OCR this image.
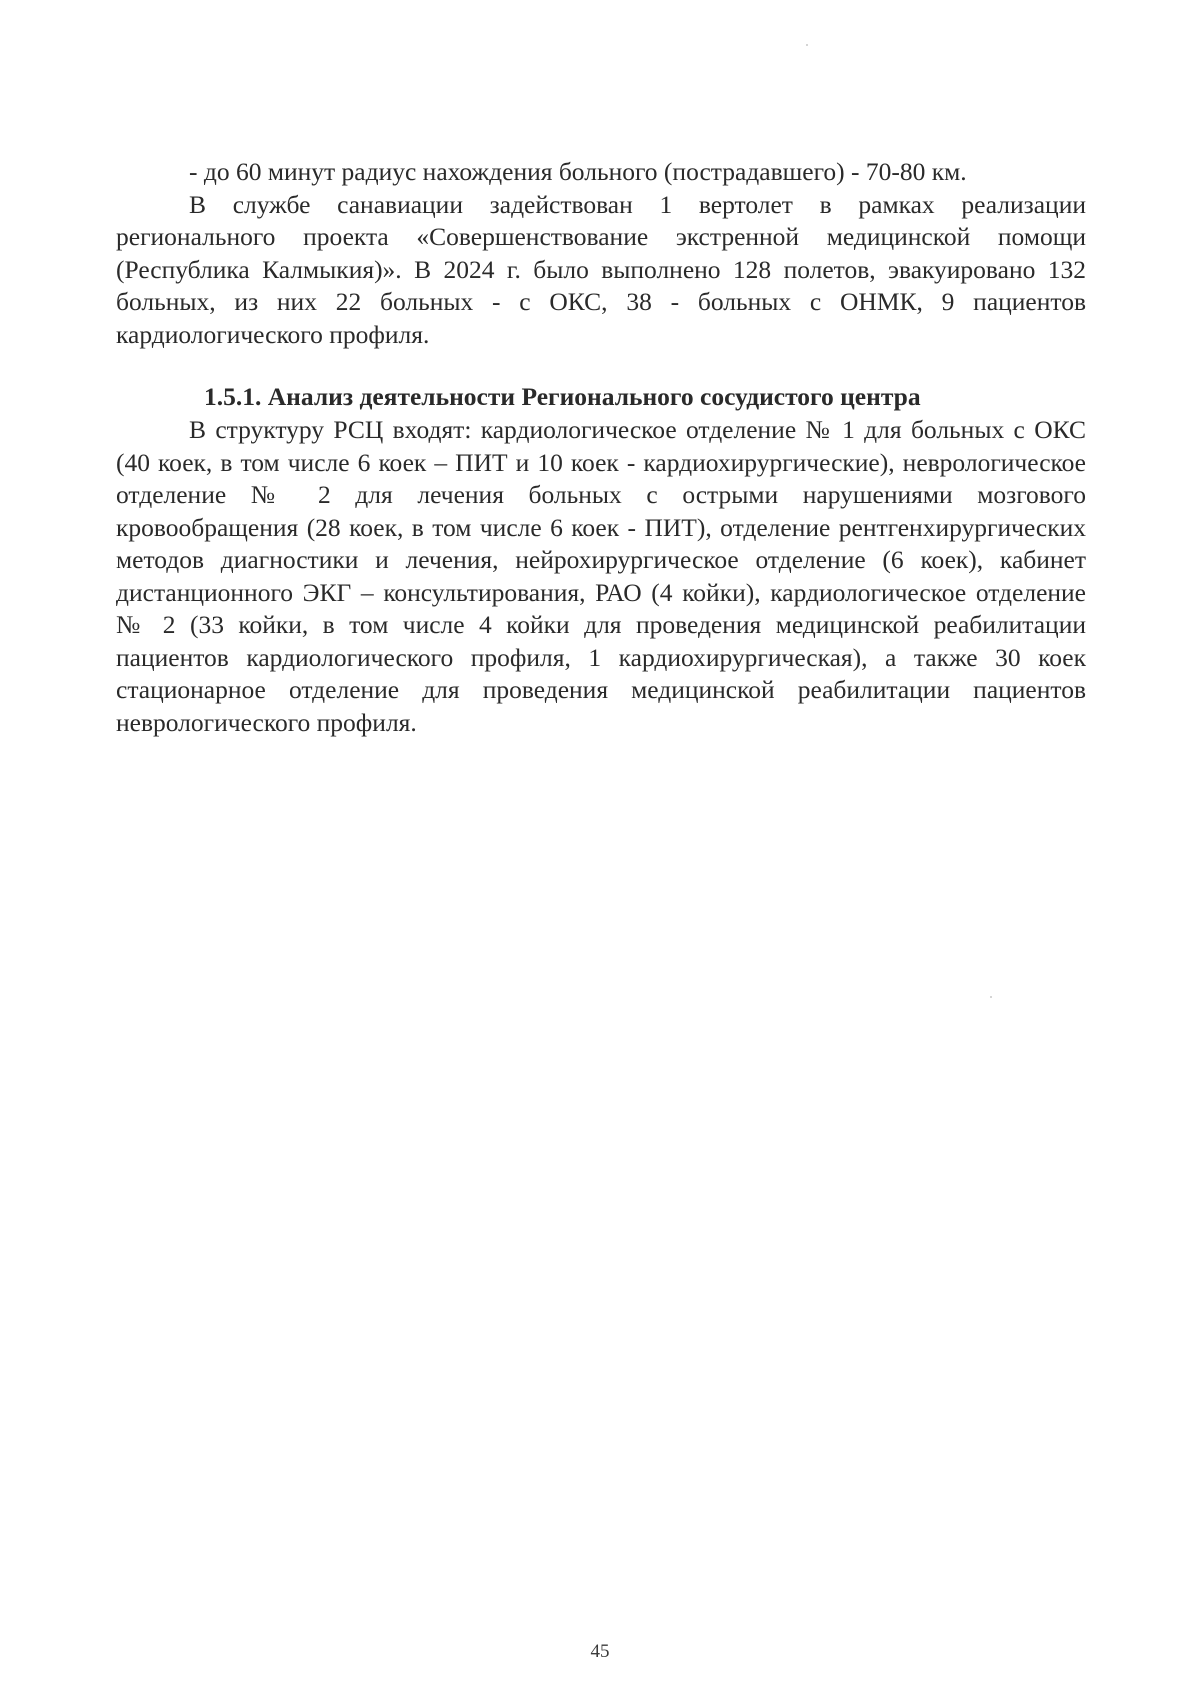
- до 60 минут радиус нахождения больного (пострадавшего) - 70-80 км.

В службе санавиации задействован 1 вертолет в рамках реализации регионального проекта «Совершенствование экстренной медицинской помощи (Республика Калмыкия)». В 2024 г. было выполнено 128 полетов, эвакуировано 132 больных, из них 22 больных - с ОКС, 38 - больных с ОНМК, 9 пациентов кардиологического профиля.

1.5.1. Анализ деятельности Регионального сосудистого центра

В структуру РСЦ входят: кардиологическое отделение № 1 для больных с ОКС (40 коек, в том числе 6 коек – ПИТ и 10 коек - кардиохирургические), неврологическое отделение № 2 для лечения больных с острыми нарушениями мозгового кровообращения (28 коек, в том числе 6 коек - ПИТ), отделение рентгенхирургических методов диагностики и лечения, нейрохирургическое отделение (6 коек), кабинет дистанционного ЭКГ – консультирования, РАО (4 койки), кардиологическое отделение № 2 (33 койки, в том числе 4 койки для проведения медицинской реабилитации пациентов кардиологического профиля, 1 кардиохирургическая), а также 30 коек стационарное отделение для проведения медицинской реабилитации пациентов неврологического профиля.

45
